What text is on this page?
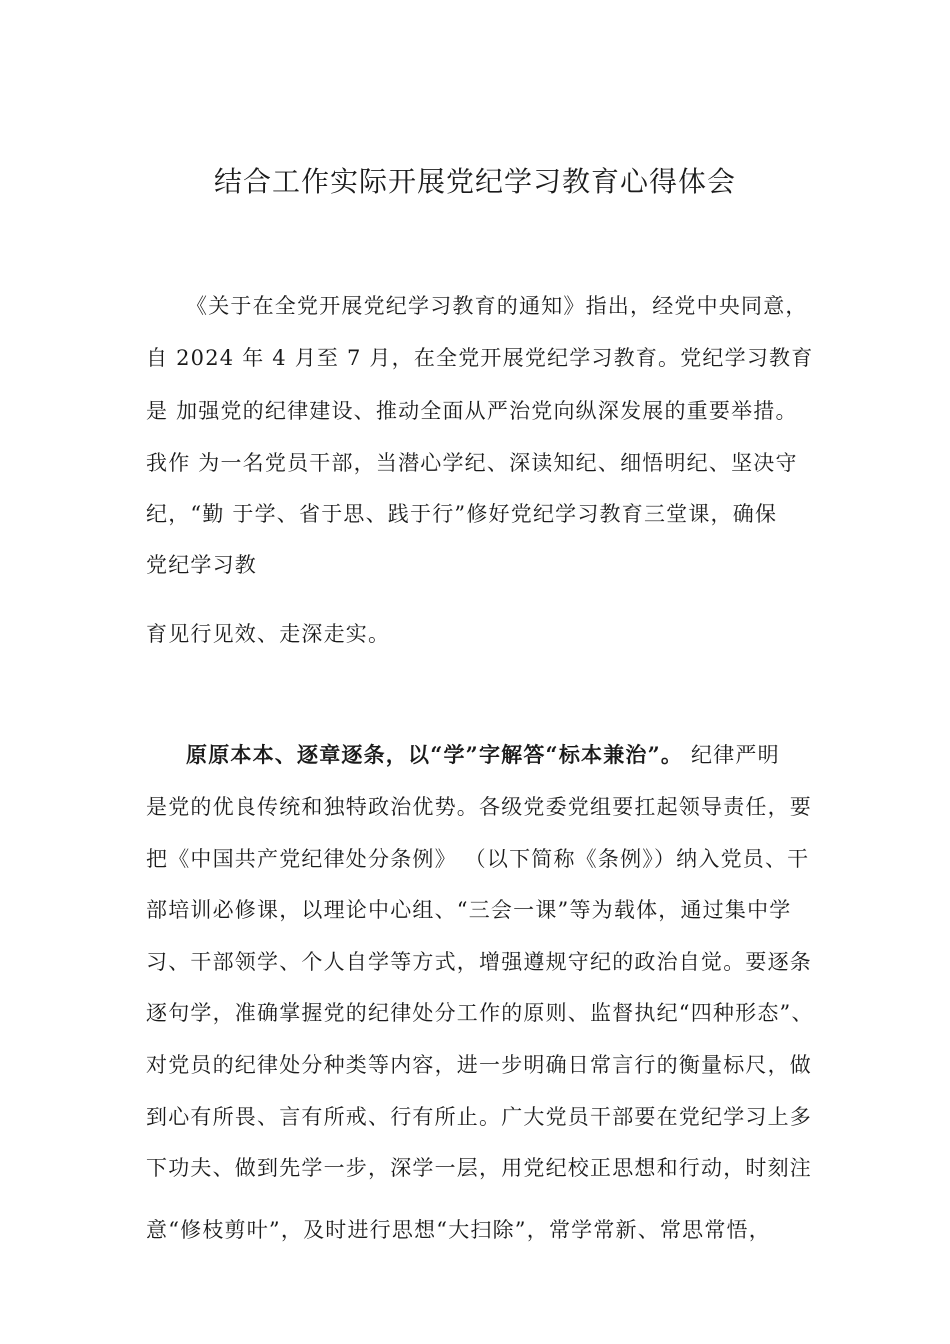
结合工作实际开展党纪学习教育心得体会
《关于在全党开展党纪学习教育的通知》指出，经党中央同意，
自 2024 年 4 月至 7 月，在全党开展党纪学习教育。党纪学习教育
是 加强党的纪律建设、推动全面从严治党向纵深发展的重要举措。
我作 为一名党员干部，当潜心学纪、深读知纪、细悟明纪、坚决守
纪，“勤 于学、省于思、践于行”修好党纪学习教育三堂课，确保
党纪学习教
育见行见效、走深走实。
原原本本、逐章逐条，以“学”字解答“标本兼治”。 纪律严明
是党的优良传统和独特政治优势。各级党委党组要扛起领导责任，要
把《中国共产党纪律处分条例》 （以下简称《条例》）纳入党员、干
部培训必修课，以理论中心组、“三会一课”等为载体，通过集中学
习、干部领学、个人自学等方式，增强遵规守纪的政治自觉。要逐条
逐句学，准确掌握党的纪律处分工作的原则、监督执纪“四种形态”、
对党员的纪律处分种类等内容，进一步明确日常言行的衡量标尺，做
到心有所畏、言有所戒、行有所止。广大党员干部要在党纪学习上多
下功夫、做到先学一步，深学一层，用党纪校正思想和行动，时刻注
意“修枝剪叶”，及时进行思想“大扫除”，常学常新、常思常悟，
